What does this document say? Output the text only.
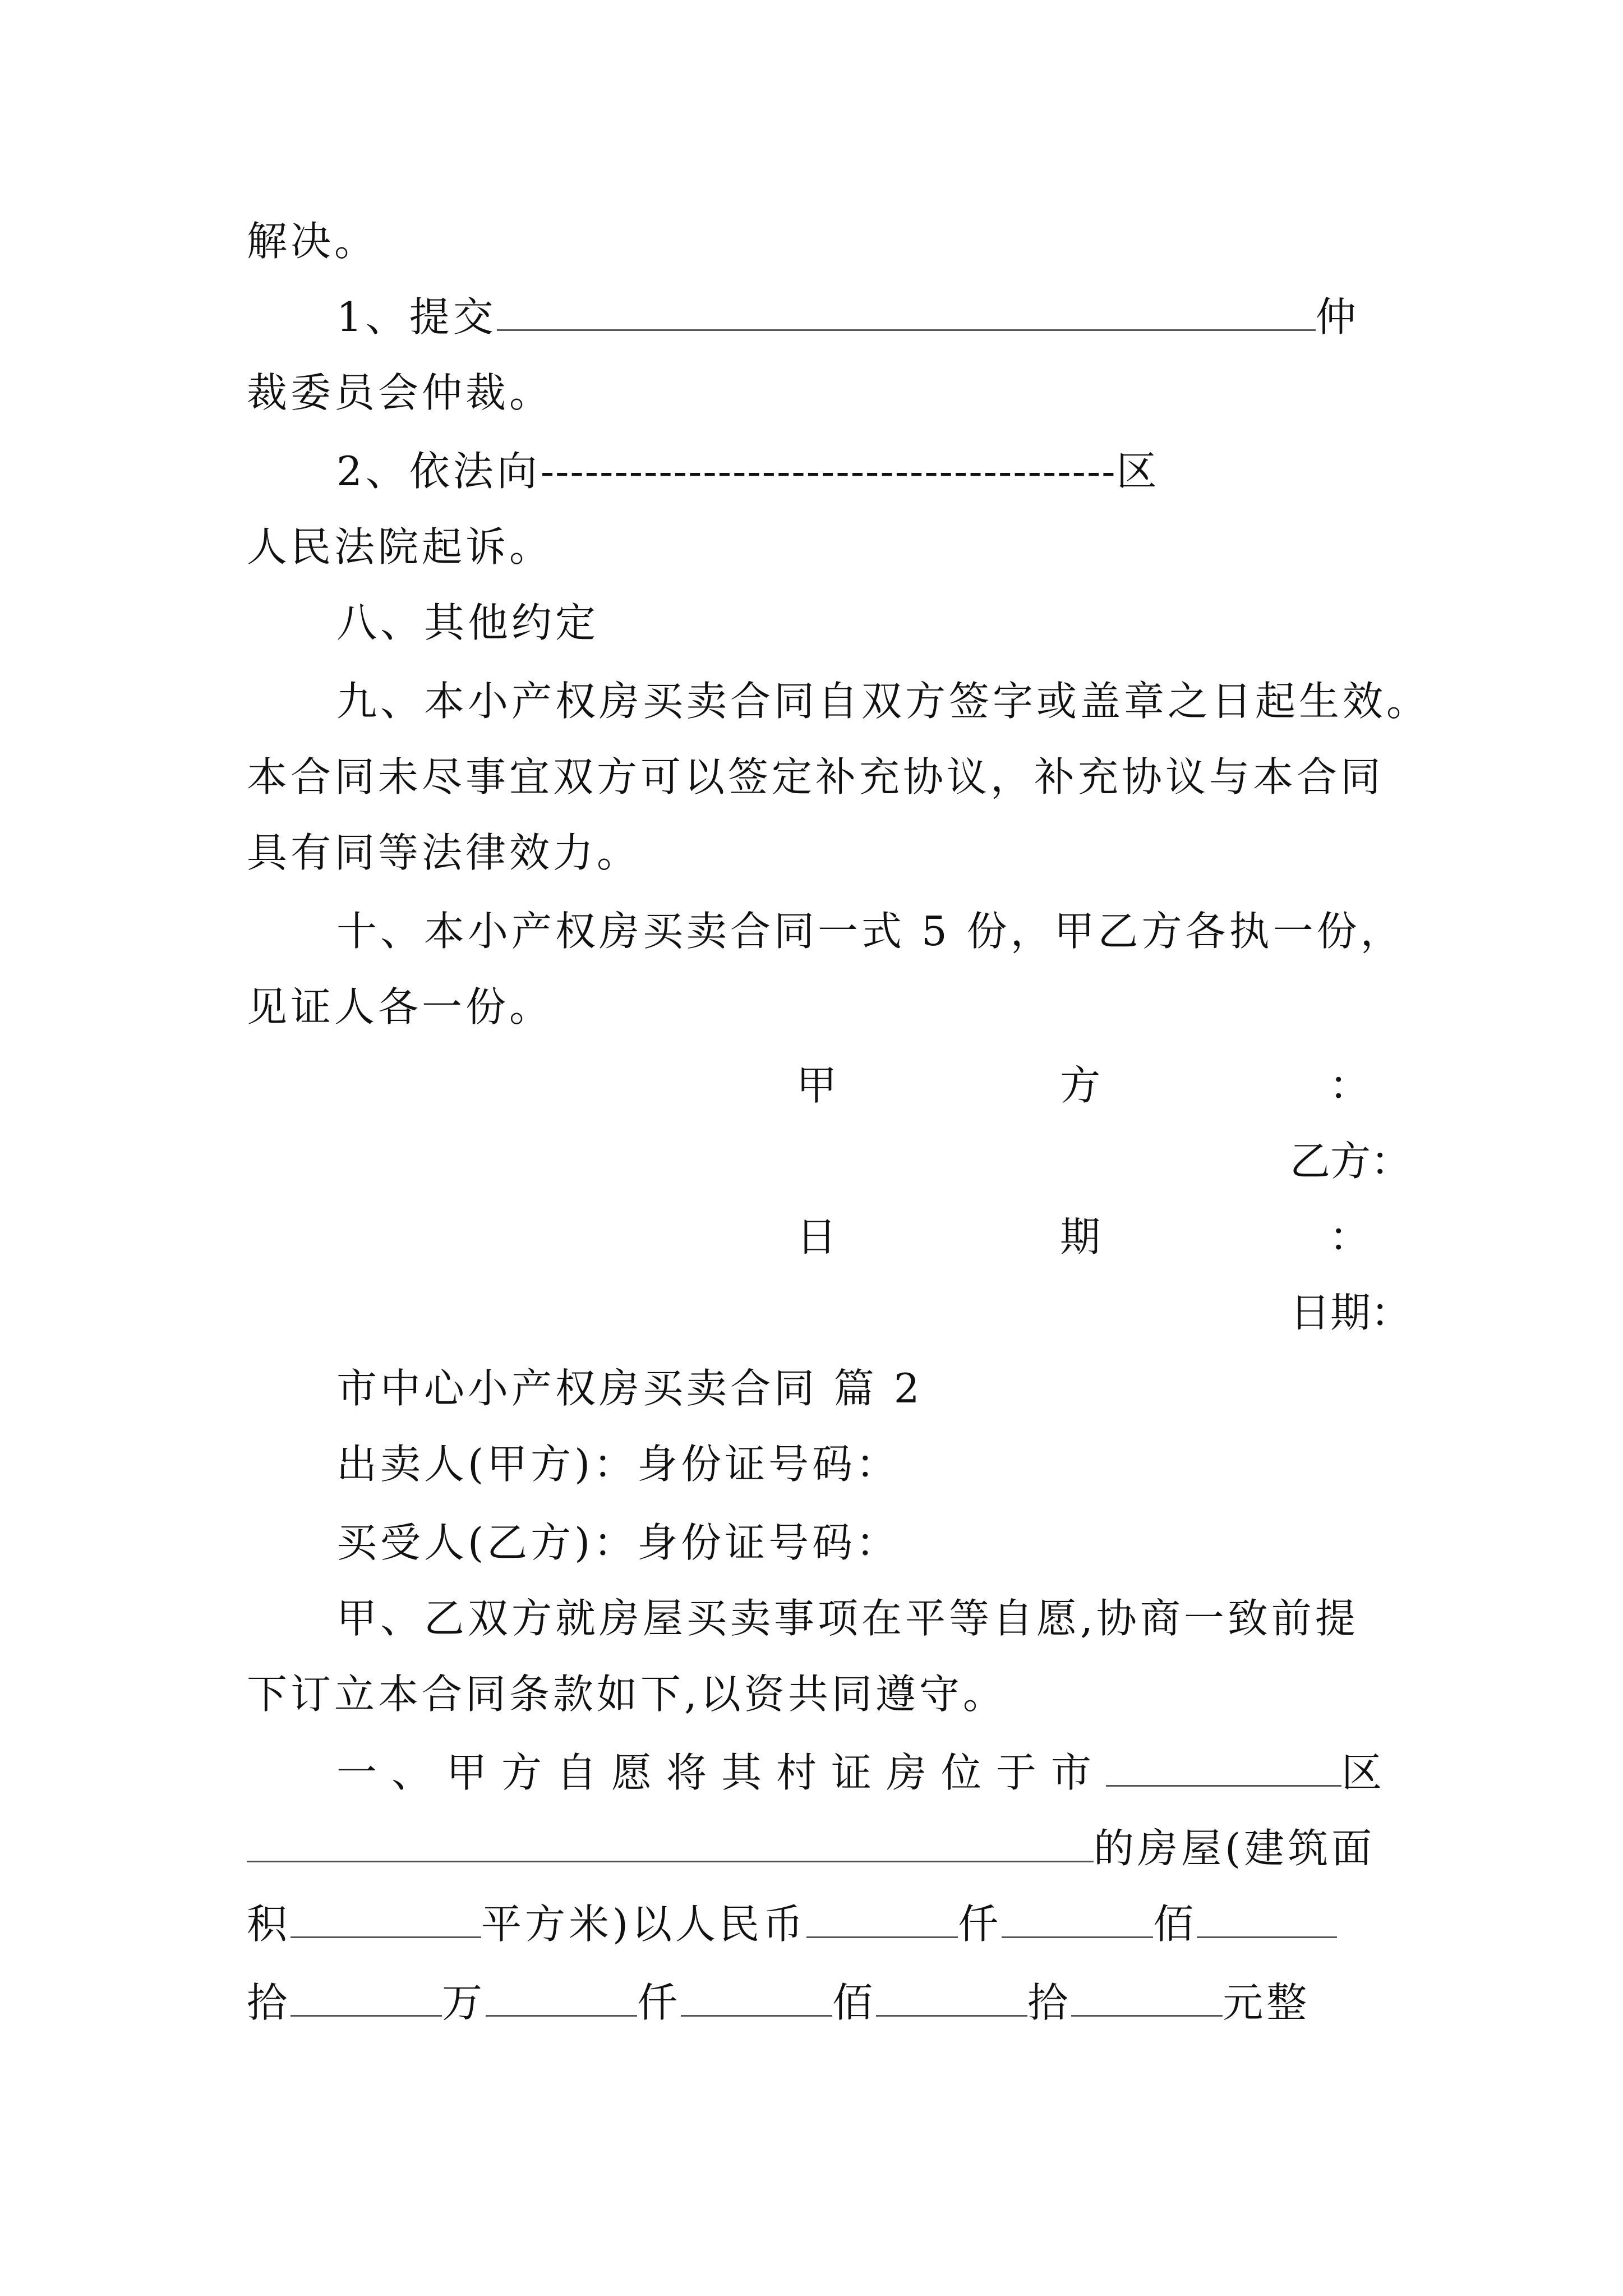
解决。
1、提交	仲
裁委员会仲裁。
2、依法向---------------------------------------区
人民法院起诉。
八、其他约定
九、本小产权房买卖合同自双方签字或盖章之日起生效。
本合同未尽事宜双方可以签定补充协议，补充协议与本合同
具有同等法律效力。
十、本小产权房买卖合同一式 5 份，甲乙方各执一份，
见证人各一份。
甲	方	：
乙方：
日	期	：
日期：
市中心小产权房买卖合同 篇 2
出卖人(甲方)：身份证号码：
买受人(乙方)：身份证号码：
甲、乙双方就房屋买卖事项在平等自愿,协商一致前提
下订立本合同条款如下,以资共同遵守。
一、甲方自愿将其村证房位于市	区
的房屋(建筑面
积	平方米)以人民币	仟	佰
拾	万	仟	佰	拾	元整
